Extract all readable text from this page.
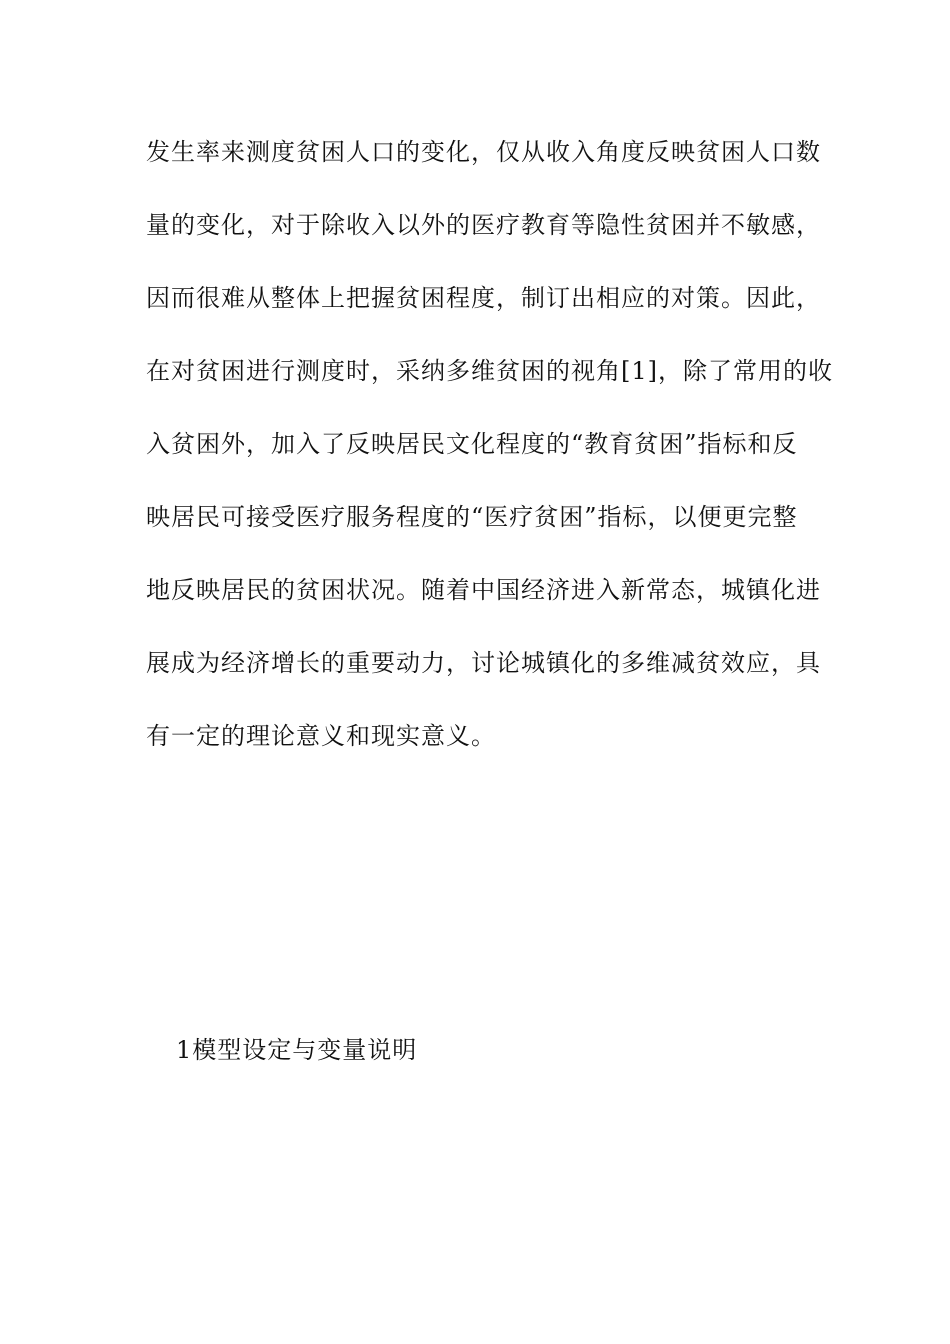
发生率来测度贫困人口的变化，仅从收入角度反映贫困人口数
量的变化，对于除收入以外的医疗教育等隐性贫困并不敏感，
因而很难从整体上把握贫困程度，制订出相应的对策。因此，
在对贫困进行测度时，采纳多维贫困的视角[1]，除了常用的收
入贫困外，加入了反映居民文化程度的“教育贫困”指标和反
映居民可接受医疗服务程度的“医疗贫困”指标，以便更完整
地反映居民的贫困状况。随着中国经济进入新常态，城镇化进
展成为经济增长的重要动力，讨论城镇化的多维减贫效应，具
有一定的理论意义和现实意义。
1模型设定与变量说明
